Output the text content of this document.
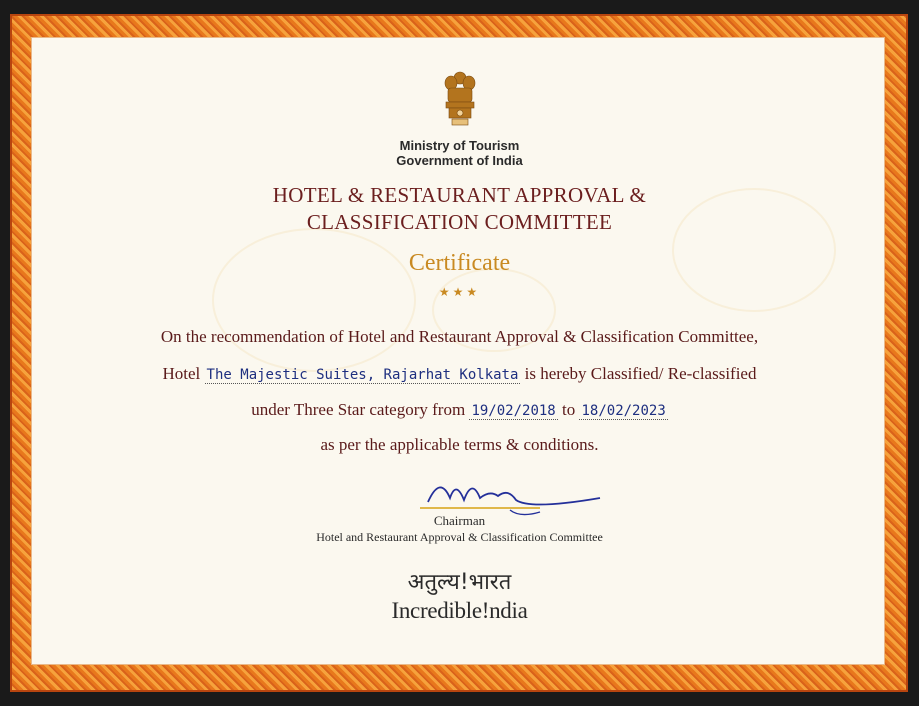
Ministry of Tourism
Government of India
HOTEL & RESTAURANT APPROVAL &
CLASSIFICATION COMMITTEE
Certificate
★★★
On the recommendation of Hotel and Restaurant Approval & Classification Committee,
Hotel The Majestic Suites, Rajarhat Kolkata is hereby Classified/ Re-classified
under Three Star category from 19/02/2018 to 18/02/2023
as per the applicable terms & conditions.
Chairman
Hotel and Restaurant Approval & Classification Committee
अतुल्य!भारत
Incredible!ndia
